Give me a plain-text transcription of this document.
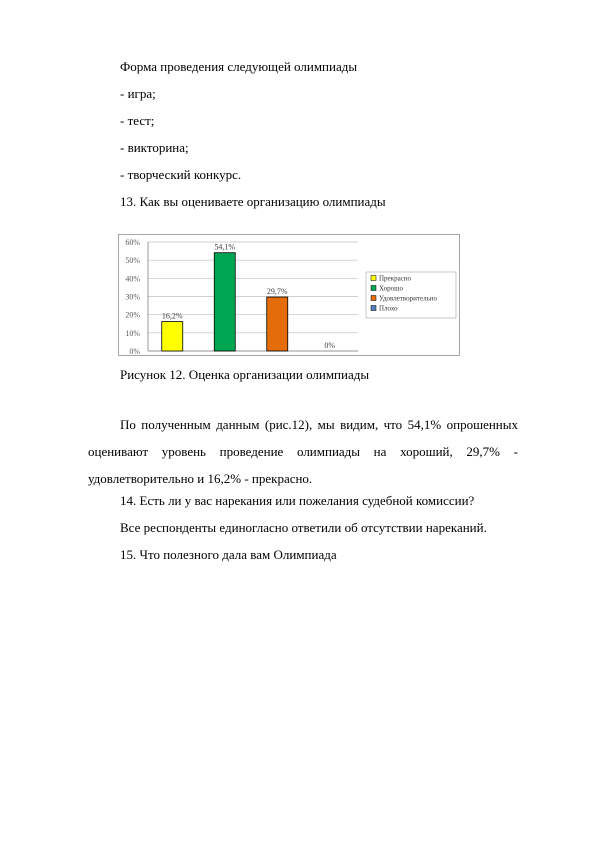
Форма проведения следующей олимпиады
- игра;
- тест;
- викторина;
- творческий конкурс.
13. Как вы оцениваете организацию олимпиады
0%
10%
20%
30%
40%
50%
60%
16,2%
54,1%
29,7%
0%
Прекрасно
Хорошо
Удовлетворительно
Плохо
Рисунок 12. Оценка организации олимпиады
По полученным данным (рис.12), мы видим, что 54,1% опрошенных оценивают уровень проведение олимпиады на хороший, 29,7% - удовлетворительно и 16,2% - прекрасно.
14. Есть ли у вас нарекания или пожелания судебной комиссии?
Все респонденты единогласно ответили об отсутствии нареканий.
15. Что полезного дала вам Олимпиада
